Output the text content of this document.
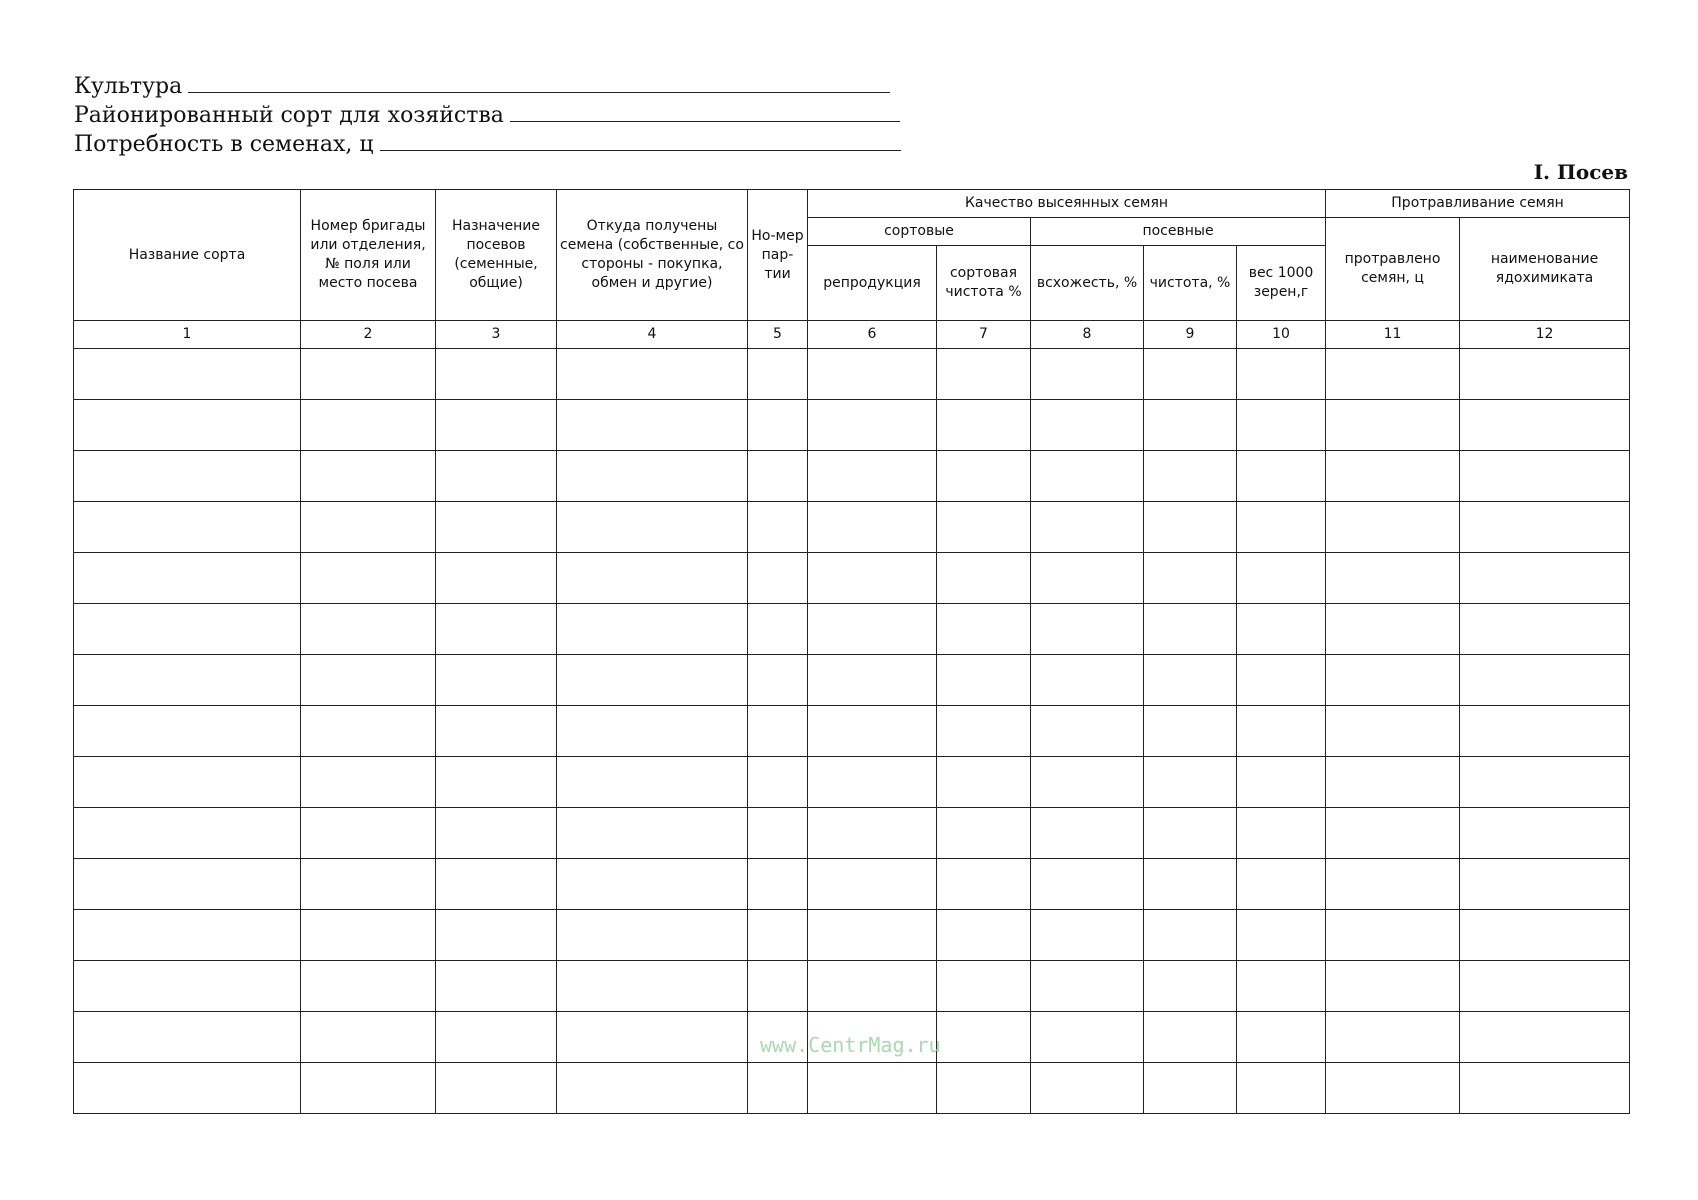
Культура
Районированный сорт для хозяйства
Потребность в семенах, ц
I. Посев
Название сорта	Номер бригады или отделения, № поля или место посева	Назначение посевов (семенные, общие)	Откуда получены семена (собственные, со стороны - покупка, обмен и другие)	Но-мер пар-тии	Качество высеянных семян					Протравливание семян	
					сортовые		посевные			протравлено семян, ц	наименование ядохимиката
					репродукция	сортовая чистота %	всхожесть, %	чистота, %	вес 1000 зерен,г		
1	2	3	4	5	6	7	8	9	10	11	12

www.CentrMag.ru
